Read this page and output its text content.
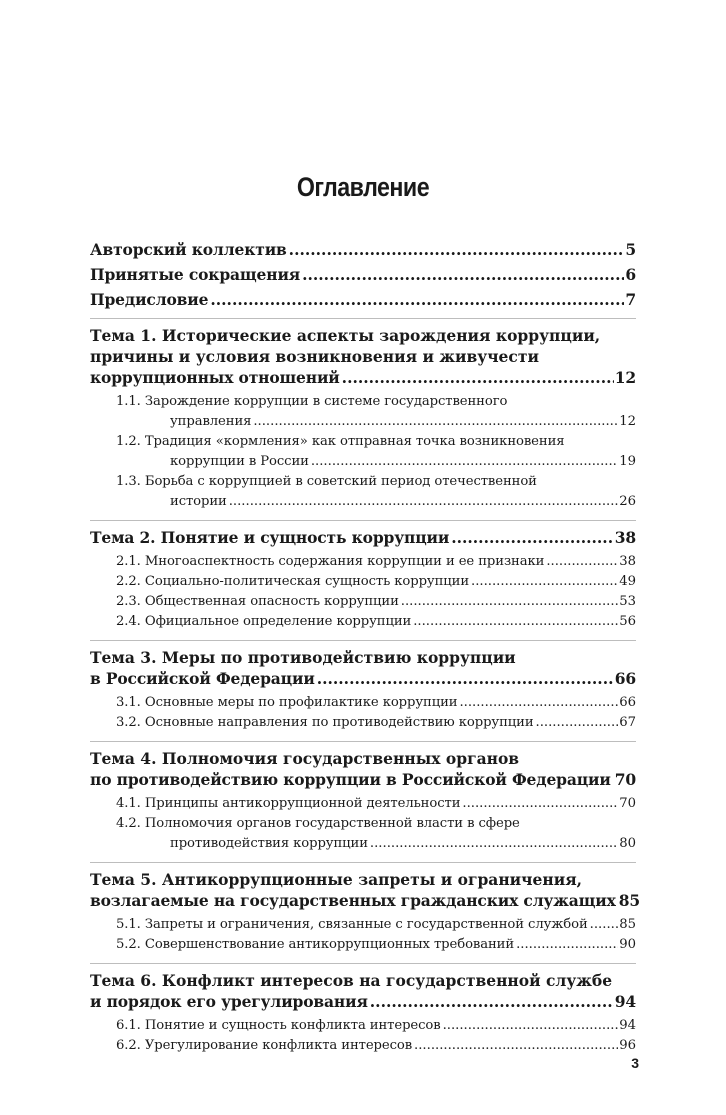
Оглавление
Авторский коллектив .....	5
Принятые сокращения .....	6
Предисловие .....	7
Тема 1. Исторические аспекты зарождения коррупции,
причины и условия возникновения и живучести
коррупционных отношений .....	12
1.1. Зарождение коррупции в системе государственного
управления .....	12
1.2. Традиция «кормления» как отправная точка возникновения
коррупции в России .....	19
1.3. Борьба с коррупцией в советский период отечественной
истории .....	26
Тема 2. Понятие и сущность коррупции .....	38
2.1. Многоаспектность содержания коррупции и ее признаки .....	38
2.2. Социально-политическая сущность коррупции .....	49
2.3. Общественная опасность коррупции .....	53
2.4. Официальное определение коррупции .....	56
Тема 3. Меры по противодействию коррупции
в Российской Федерации .....	66
3.1. Основные меры по профилактике коррупции .....	66
3.2. Основные направления по противодействию коррупции .....	67
Тема 4. Полномочия государственных органов
по противодействию коррупции в Российской Федерации ..... 70
4.1. Принципы антикоррупционной деятельности .....	70
4.2. Полномочия органов государственной власти в сфере
противодействия коррупции .....	80
Тема 5. Антикоррупционные запреты и ограничения,
возлагаемые на государственных гражданских служащих 85
5.1. Запреты и ограничения, связанные с государственной службой ..... 85
5.2. Совершенствование антикоррупционных требований .....	90
Тема 6. Конфликт интересов на государственной службе
и порядок его урегулирования .....	94
6.1. Понятие и сущность конфликта интересов .....	94
6.2. Урегулирование конфликта интересов .....	96
3
